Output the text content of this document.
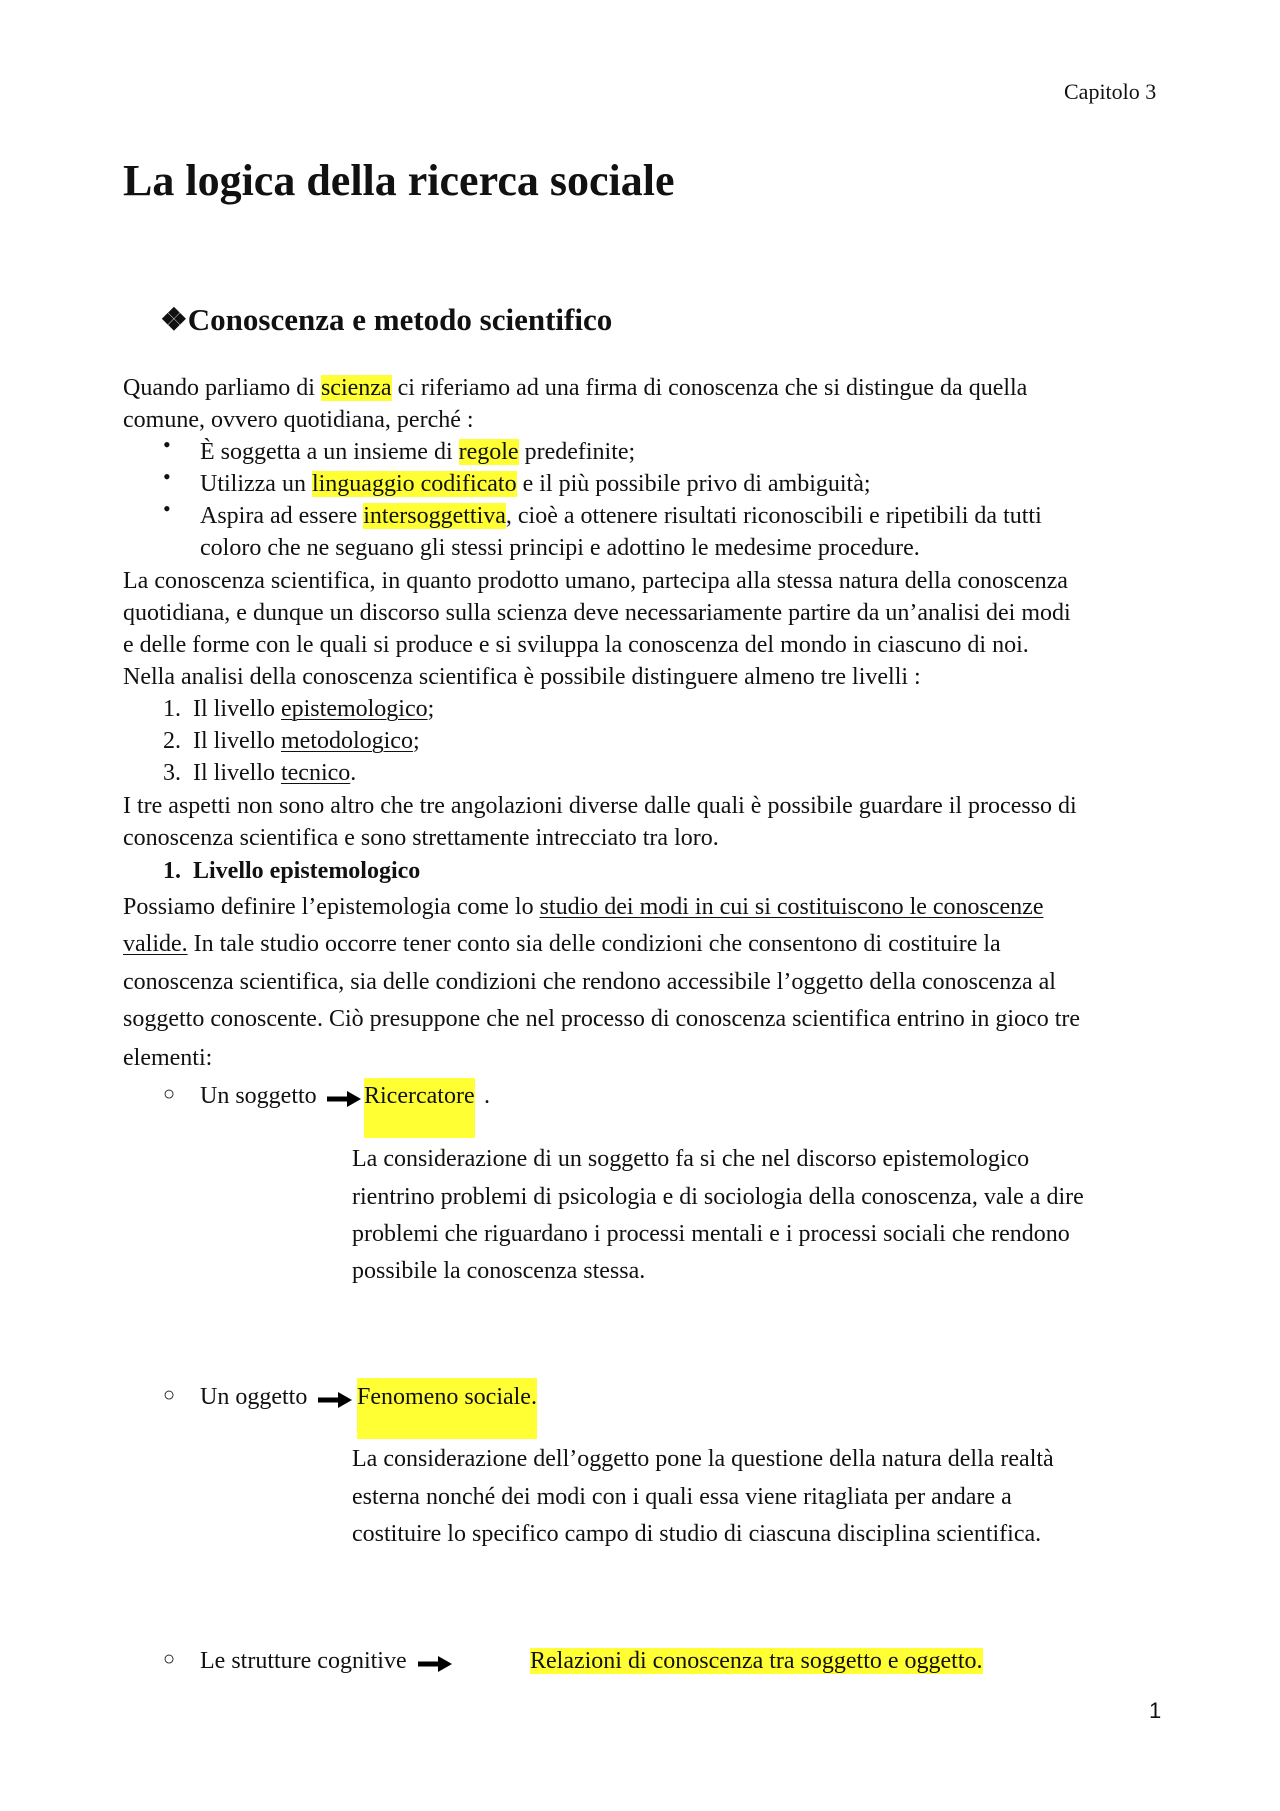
Capitolo 3
La logica della ricerca sociale
❖Conoscenza e metodo scientifico
Quando parliamo di scienza ci riferiamo ad una firma di conoscenza che si distingue da quella
comune, ovvero quotidiana, perché :
• È soggetta a un insieme di regole predefinite;
• Utilizza un linguaggio codificato e il più possibile privo di ambiguità;
• Aspira ad essere intersoggettiva, cioè a ottenere risultati riconoscibili e ripetibili da tutti
coloro che ne seguano gli stessi principi e adottino le medesime procedure.
La conoscenza scientifica, in quanto prodotto umano, partecipa alla stessa natura della conoscenza
quotidiana, e dunque un discorso sulla scienza deve necessariamente partire da un’analisi dei modi
e delle forme con le quali si produce e si sviluppa la conoscenza del mondo in ciascuno di noi.
Nella analisi della conoscenza scientifica è possibile distinguere almeno tre livelli :
1. Il livello epistemologico;
2. Il livello metodologico;
3. Il livello tecnico.
I tre aspetti non sono altro che tre angolazioni diverse dalle quali è possibile guardare il processo di
conoscenza scientifica e sono strettamente intrecciato tra loro.
1. Livello epistemologico
Possiamo definire l’epistemologia come lo studio dei modi in cui si costituiscono le conoscenze
valide. In tale studio occorre tener conto sia delle condizioni che consentono di costituire la
conoscenza scientifica, sia delle condizioni che rendono accessibile l’oggetto della conoscenza al
soggetto conoscente. Ciò presuppone che nel processo di conoscenza scientifica entrino in gioco tre
elementi:
○ Un soggetto Ricercatore .
La considerazione di un soggetto fa si che nel discorso epistemologico
rientrino problemi di psicologia e di sociologia della conoscenza, vale a dire
problemi che riguardano i processi mentali e i processi sociali che rendono
possibile la conoscenza stessa.
○ Un oggetto Fenomeno sociale.
La considerazione dell’oggetto pone la questione della natura della realtà
esterna nonché dei modi con i quali essa viene ritagliata per andare a
costituire lo specifico campo di studio di ciascuna disciplina scientifica.
○ Le strutture cognitive	Relazioni di conoscenza tra soggetto e oggetto.
1
